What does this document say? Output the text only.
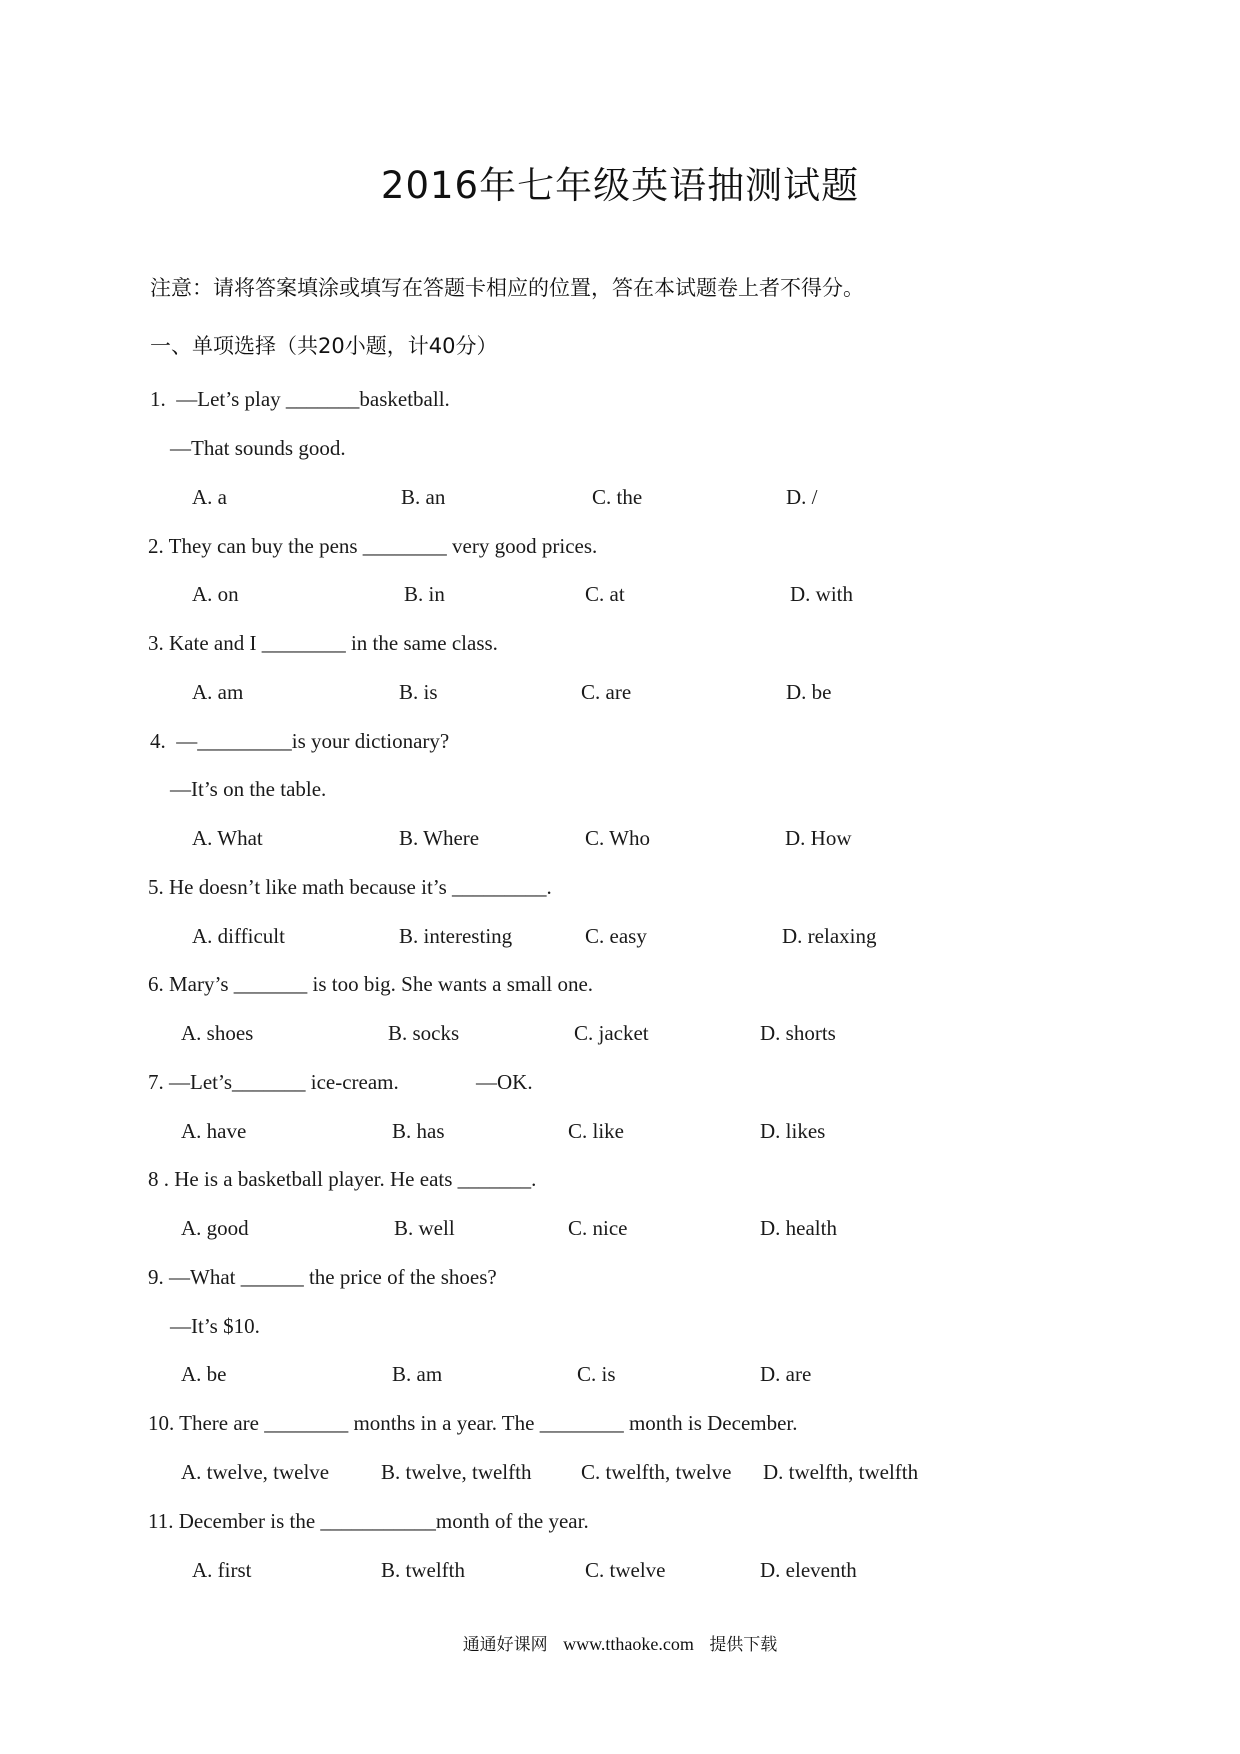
2016年七年级英语抽测试题
注意：请将答案填涂或填写在答题卡相应的位置，答在本试题卷上者不得分。
一、单项选择（共20小题，计40分）
1.  —Let’s play _______basketball.
—That sounds good.
A. a	B. an	C. the	D. /
2. They can buy the pens ________ very good prices.
A. on	B. in	C. at	D. with
3. Kate and I ________ in the same class.
A. am	B. is	C. are	D. be
4.  —_________is your dictionary?
—It’s on the table.
A. What	B. Where	C. Who	D. How
5. He doesn’t like math because it’s _________.
A. difficult	B. interesting	C. easy	D. relaxing
6. Mary’s _______ is too big. She wants a small one.
A. shoes	B. socks	C. jacket	D. shorts
7. —Let’s_______ ice-cream.	—OK.
A. have	B. has	C. like	D. likes
8 . He is a basketball player. He eats _______.
A. good	B. well	C. nice	D. health
9. —What ______ the price of the shoes?
—It’s $10.
A. be	B. am	C. is	D. are
10. There are ________ months in a year. The ________ month is December.
A. twelve, twelve B. twelve, twelfth C. twelfth, twelve D. twelfth, twelfth
11. December is the ___________month of the year.
A. first	B. twelfth	C. twelve	D. eleventh
通通好课网 www.tthaoke.com 提供下载
